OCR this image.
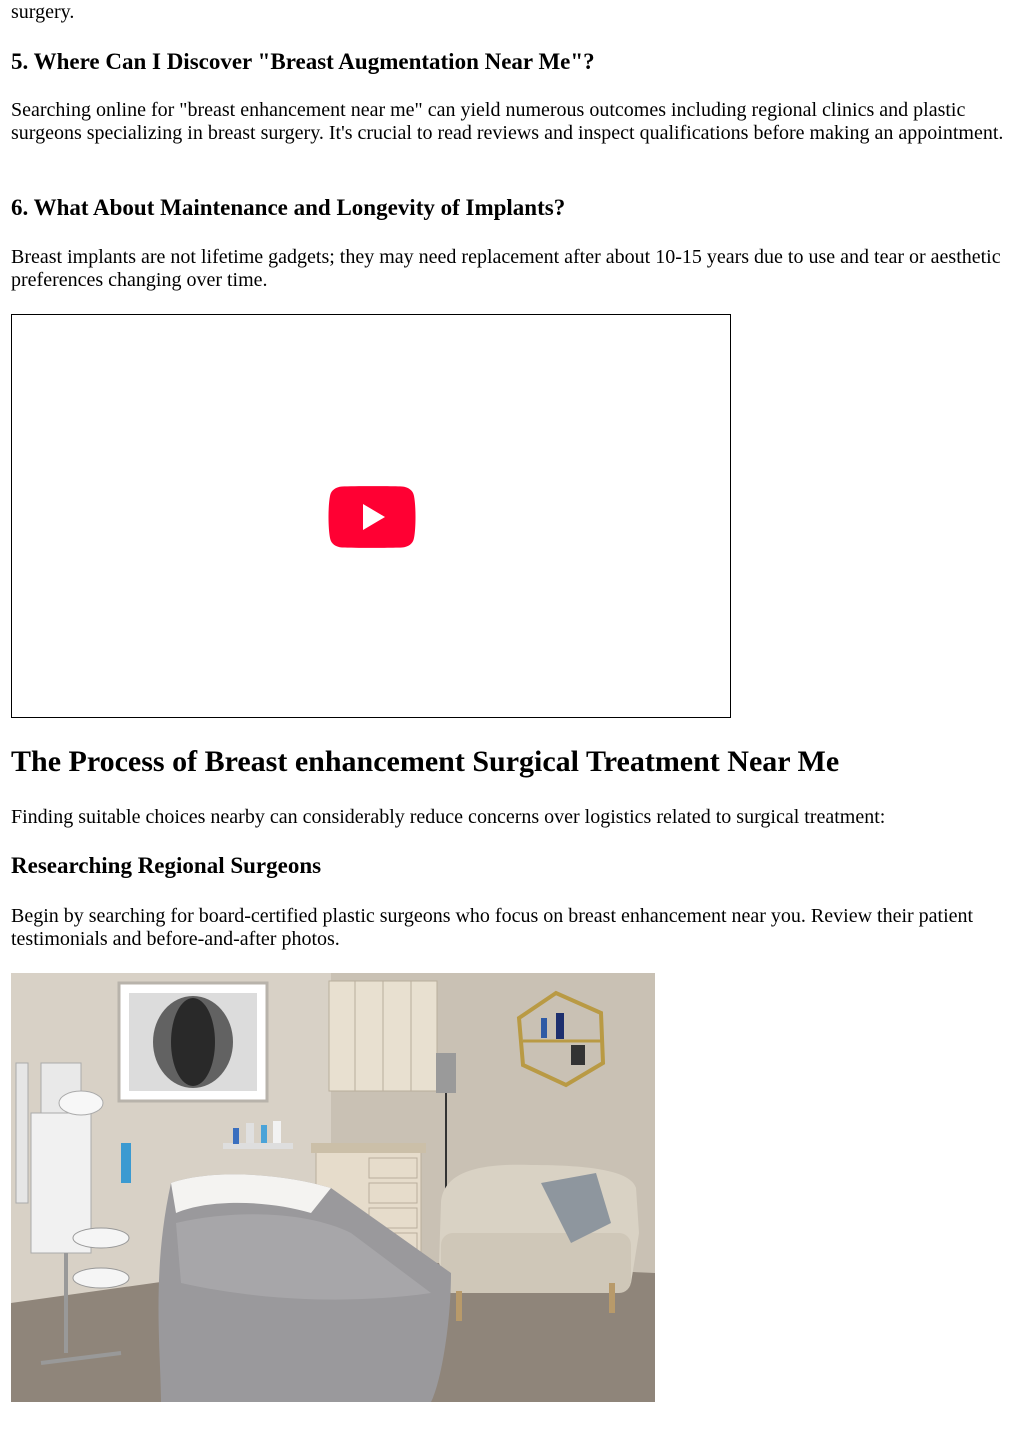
surgery.

5. Where Can I Discover "Breast Augmentation Near Me"?

Searching online for "breast enhancement near me" can yield numerous outcomes including regional clinics and plastic surgeons specializing in breast surgery. It's crucial to read reviews and inspect qualifications before making an appointment.

6. What About Maintenance and Longevity of Implants?

Breast implants are not lifetime gadgets; they may need replacement after about 10-15 years due to use and tear or aesthetic preferences changing over time.

The Process of Breast enhancement Surgical Treatment Near Me

Finding suitable choices nearby can considerably reduce concerns over logistics related to surgical treatment:

Researching Regional Surgeons

Begin by searching for board-certified plastic surgeons who focus on breast enhancement near you. Review their patient testimonials and before-and-after photos.
